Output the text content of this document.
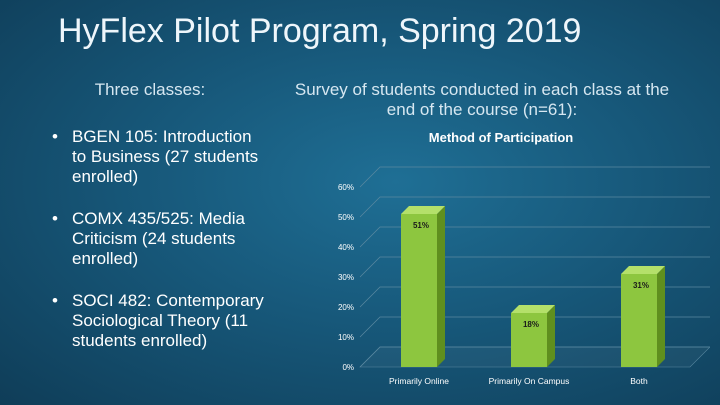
HyFlex Pilot Program, Spring 2019
Three classes:	Survey of students conducted in each class at the end of the course (n=61):
• BGEN 105: Introduction to Business (27 students enrolled)
• COMX 435/525: Media Criticism (24 students enrolled)
• SOCI 482: Contemporary Sociological Theory (11 students enrolled)
Method of Participation
0%
10%
20%
30%
40%
50%
60%
51%
Primarily Online
18%
Primarily On Campus
31%
Both
